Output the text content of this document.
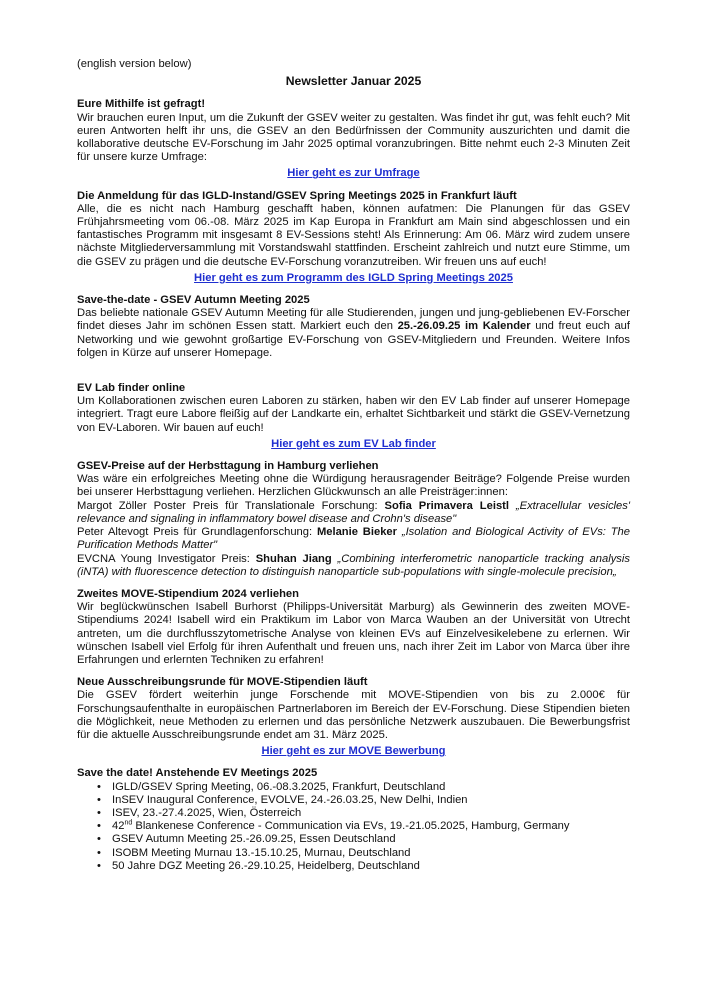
(english version below)

Newsletter Januar 2025

Eure Mithilfe ist gefragt!

Wir brauchen euren Input, um die Zukunft der GSEV weiter zu gestalten. Was findet ihr gut, was fehlt euch? Mit euren Antworten helft ihr uns, die GSEV an den Bedürfnissen der Community auszurichten und damit die kollaborative deutsche EV-Forschung im Jahr 2025 optimal voranzubringen. Bitte nehmt euch 2-3 Minuten Zeit für unsere kurze Umfrage:

Hier geht es zur Umfrage

Die Anmeldung für das IGLD-Instand/GSEV Spring Meetings 2025 in Frankfurt läuft

Alle, die es nicht nach Hamburg geschafft haben, können aufatmen: Die Planungen für das GSEV Frühjahrsmeeting vom 06.-08. März 2025 im Kap Europa in Frankfurt am Main sind abgeschlossen und ein fantastisches Programm mit insgesamt 8 EV-Sessions steht! Als Erinnerung: Am 06. März wird zudem unsere nächste Mitgliederversammlung mit Vorstandswahl stattfinden. Erscheint zahlreich und nutzt eure Stimme, um die GSEV zu prägen und die deutsche EV-Forschung voranzutreiben. Wir freuen uns auf euch!

Hier geht es zum Programm des IGLD Spring Meetings 2025

Save-the-date - GSEV Autumn Meeting 2025

Das beliebte nationale GSEV Autumn Meeting für alle Studierenden, jungen und jung-gebliebenen EV-Forscher findet dieses Jahr im schönen Essen statt. Markiert euch den 25.-26.09.25 im Kalender und freut euch auf Networking und wie gewohnt großartige EV-Forschung von GSEV-Mitgliedern und Freunden. Weitere Infos folgen in Kürze auf unserer Homepage.

EV Lab finder online

Um Kollaborationen zwischen euren Laboren zu stärken, haben wir den EV Lab finder auf unserer Homepage integriert. Tragt eure Labore fleißig auf der Landkarte ein, erhaltet Sichtbarkeit und stärkt die GSEV-Vernetzung von EV-Laboren. Wir bauen auf euch!

Hier geht es zum EV Lab finder

GSEV-Preise auf der Herbsttagung in Hamburg verliehen

Was wäre ein erfolgreiches Meeting ohne die Würdigung herausragender Beiträge? Folgende Preise wurden bei unserer Herbsttagung verliehen. Herzlichen Glückwunsch an alle Preisträger:innen:

Margot Zöller Poster Preis für Translationale Forschung: Sofia Primavera Leistl „Extracellular vesicles' relevance and signaling in inflammatory bowel disease and Crohn's disease"

Peter Altevogt Preis für Grundlagenforschung: Melanie Bieker „Isolation and Biological Activity of EVs: The Purification Methods Matter"

EVCNA Young Investigator Preis: Shuhan Jiang „Combining interferometric nanoparticle tracking analysis (iNTA) with fluorescence detection to distinguish nanoparticle sub-populations with single-molecule precision„

Zweites MOVE-Stipendium 2024 verliehen

Wir beglückwünschen Isabell Burhorst (Philipps-Universität Marburg) als Gewinnerin des zweiten MOVE-Stipendiums 2024! Isabell wird ein Praktikum im Labor von Marca Wauben an der Universität von Utrecht antreten, um die durchflusszytometrische Analyse von kleinen EVs auf Einzelvesikelebene zu erlernen. Wir wünschen Isabell viel Erfolg für ihren Aufenthalt und freuen uns, nach ihrer Zeit im Labor von Marca über ihre Erfahrungen und erlernten Techniken zu erfahren!

Neue Ausschreibungsrunde für MOVE-Stipendien läuft

Die GSEV fördert weiterhin junge Forschende mit MOVE-Stipendien von bis zu 2.000€ für Forschungsaufenthalte in europäischen Partnerlaboren im Bereich der EV-Forschung. Diese Stipendien bieten die Möglichkeit, neue Methoden zu erlernen und das persönliche Netzwerk auszubauen. Die Bewerbungsfrist für die aktuelle Ausschreibungsrunde endet am 31. März 2025.

Hier geht es zur MOVE Bewerbung

Save the date! Anstehende EV Meetings 2025

• IGLD/GSEV Spring Meeting, 06.-08.3.2025, Frankfurt, Deutschland
• InSEV Inaugural Conference, EVOLVE, 24.-26.03.25, New Delhi, Indien
• ISEV, 23.-27.4.2025, Wien, Österreich
• 42nd Blankenese Conference - Communication via EVs, 19.-21.05.2025, Hamburg, Germany
• GSEV Autumn Meeting 25.-26.09.25, Essen Deutschland
• ISOBM Meeting Murnau 13.-15.10.25, Murnau, Deutschland
• 50 Jahre DGZ Meeting 26.-29.10.25, Heidelberg, Deutschland
